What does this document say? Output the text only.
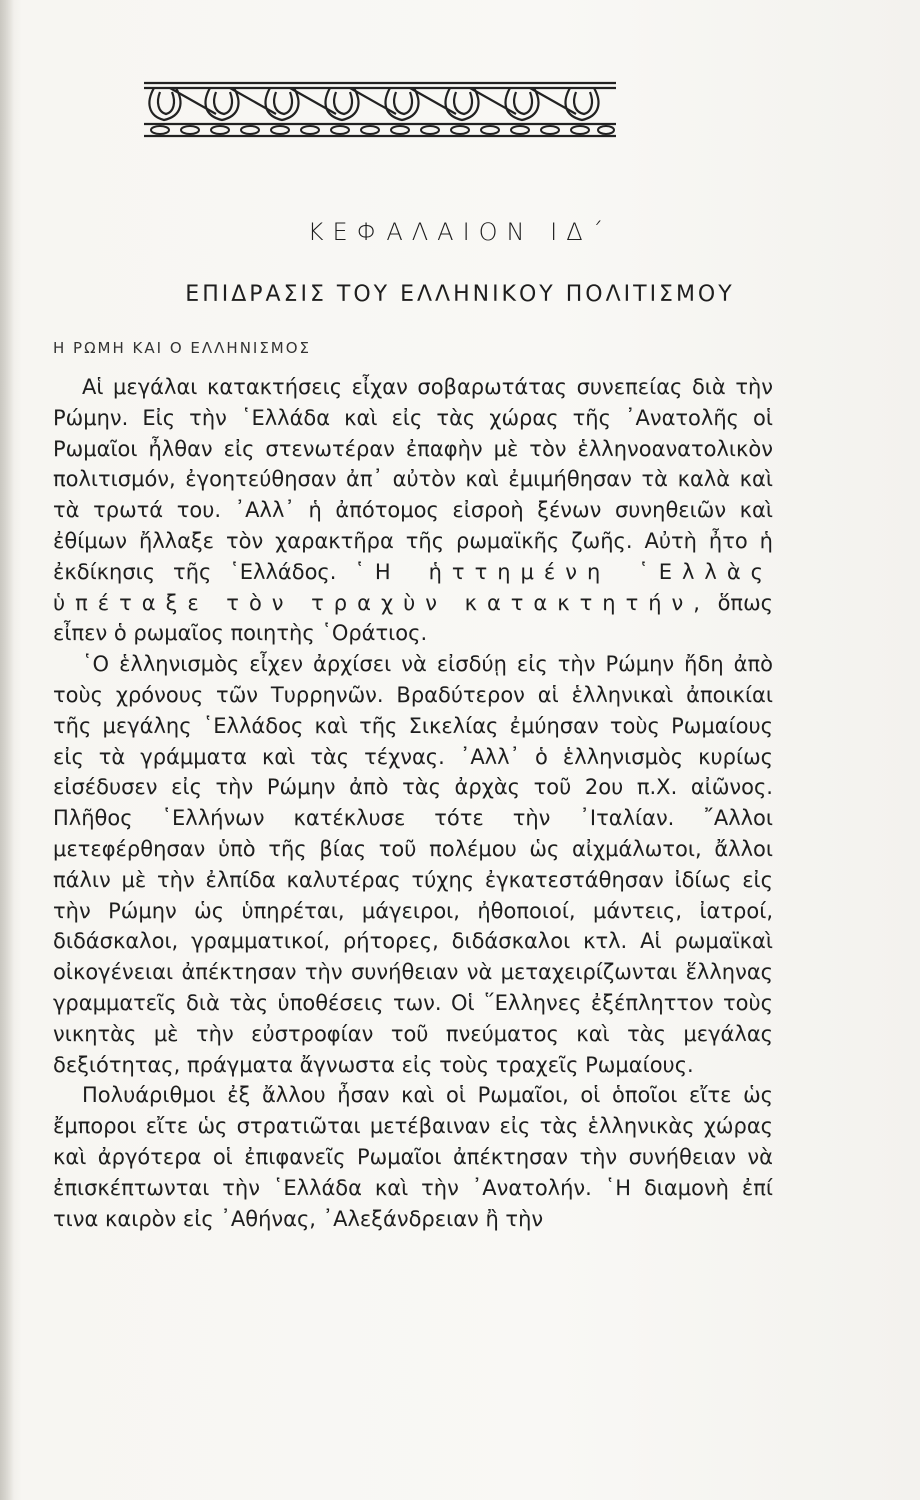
ΚΕΦΑΛΑΙΟΝ ΙΔ΄
ΕΠΙΔΡΑΣΙΣ ΤΟΥ ΕΛΛΗΝΙΚΟΥ ΠΟΛΙΤΙΣΜΟΥ
Η ΡΩΜΗ ΚΑΙ Ο ΕΛΛΗΝΙΣΜΟΣ

Αἱ μεγάλαι κατακτήσεις εἶχαν σοβαρωτάτας συνεπείας διὰ τὴν Ρώμην. Εἰς τὴν ῾Ελλάδα καὶ εἰς τὰς χώρας τῆς ᾿Ανατολῆς οἱ Ρωμαῖοι ἦλθαν εἰς στενωτέραν ἐπαφὴν μὲ τὸν ἑλληνοανατολικὸν πολιτισμόν, ἐγοητεύθησαν ἀπ᾿ αὐτὸν καὶ ἐμιμήθησαν τὰ καλὰ καὶ τὰ τρωτά του. ᾿Αλλ᾿ ἡ ἀπότομος εἰσροὴ ξένων συνηθειῶν καὶ ἐθίμων ἤλλαξε τὸν χαρακτῆρα τῆς ρωμαϊκῆς ζωῆς. Αὐτὴ ἦτο ἡ ἐκδίκησις τῆς ῾Ελλάδος. ῾Η ἡττημένη ῾Ελλὰς ὑπέταξε τὸν τραχὺν κατακτητήν, ὅπως εἶπεν ὁ ρωμαῖος ποιητὴς ῾Οράτιος.

῾Ο ἑλληνισμὸς εἶχεν ἀρχίσει νὰ εἰσδύῃ εἰς τὴν Ρώμην ἤδη ἀπὸ τοὺς χρόνους τῶν Τυρρηνῶν. Βραδύτερον αἱ ἑλληνικαὶ ἀποικίαι τῆς μεγάλης ῾Ελλάδος καὶ τῆς Σικελίας ἐμύησαν τοὺς Ρωμαίους εἰς τὰ γράμματα καὶ τὰς τέχνας. ᾿Αλλ᾿ ὁ ἑλληνισμὸς κυρίως εἰσέδυσεν εἰς τὴν Ρώμην ἀπὸ τὰς ἀρχὰς τοῦ 2ου π.Χ. αἰῶνος. Πλῆθος ῾Ελλήνων κατέκλυσε τότε τὴν ᾿Ιταλίαν. ῎Αλλοι μετεφέρθησαν ὑπὸ τῆς βίας τοῦ πολέμου ὡς αἰχμάλωτοι, ἄλλοι πάλιν μὲ τὴν ἐλπίδα καλυτέρας τύχης ἐγκατεστάθησαν ἰδίως εἰς τὴν Ρώμην ὡς ὑπηρέται, μάγειροι, ἠθοποιοί, μάντεις, ἰατροί, διδάσκαλοι, γραμματικοί, ρήτορες, διδάσκαλοι κτλ. Αἱ ρωμαϊκαὶ οἰκογένειαι ἀπέκτησαν τὴν συνήθειαν νὰ μεταχειρίζωνται ἕλληνας γραμματεῖς διὰ τὰς ὑποθέσεις των. Οἱ ῞Ελληνες ἐξέπληττον τοὺς νικητὰς μὲ τὴν εὐστροφίαν τοῦ πνεύματος καὶ τὰς μεγάλας δεξιότητας, πράγματα ἄγνωστα εἰς τοὺς τραχεῖς Ρωμαίους.

Πολυάριθμοι ἐξ ἄλλου ἦσαν καὶ οἱ Ρωμαῖοι, οἱ ὁποῖοι εἴτε ὡς ἔμποροι εἴτε ὡς στρατιῶται μετέβαιναν εἰς τὰς ἑλληνικὰς χώρας καὶ ἀργότερα οἱ ἐπιφανεῖς Ρωμαῖοι ἀπέκτησαν τὴν συνήθειαν νὰ ἐπισκέπτωνται τὴν ῾Ελλάδα καὶ τὴν ᾿Ανατολήν. ῾Η διαμονὴ ἐπί τινα καιρὸν εἰς ᾿Αθήνας, ᾿Αλεξάνδρειαν ἢ τὴν
